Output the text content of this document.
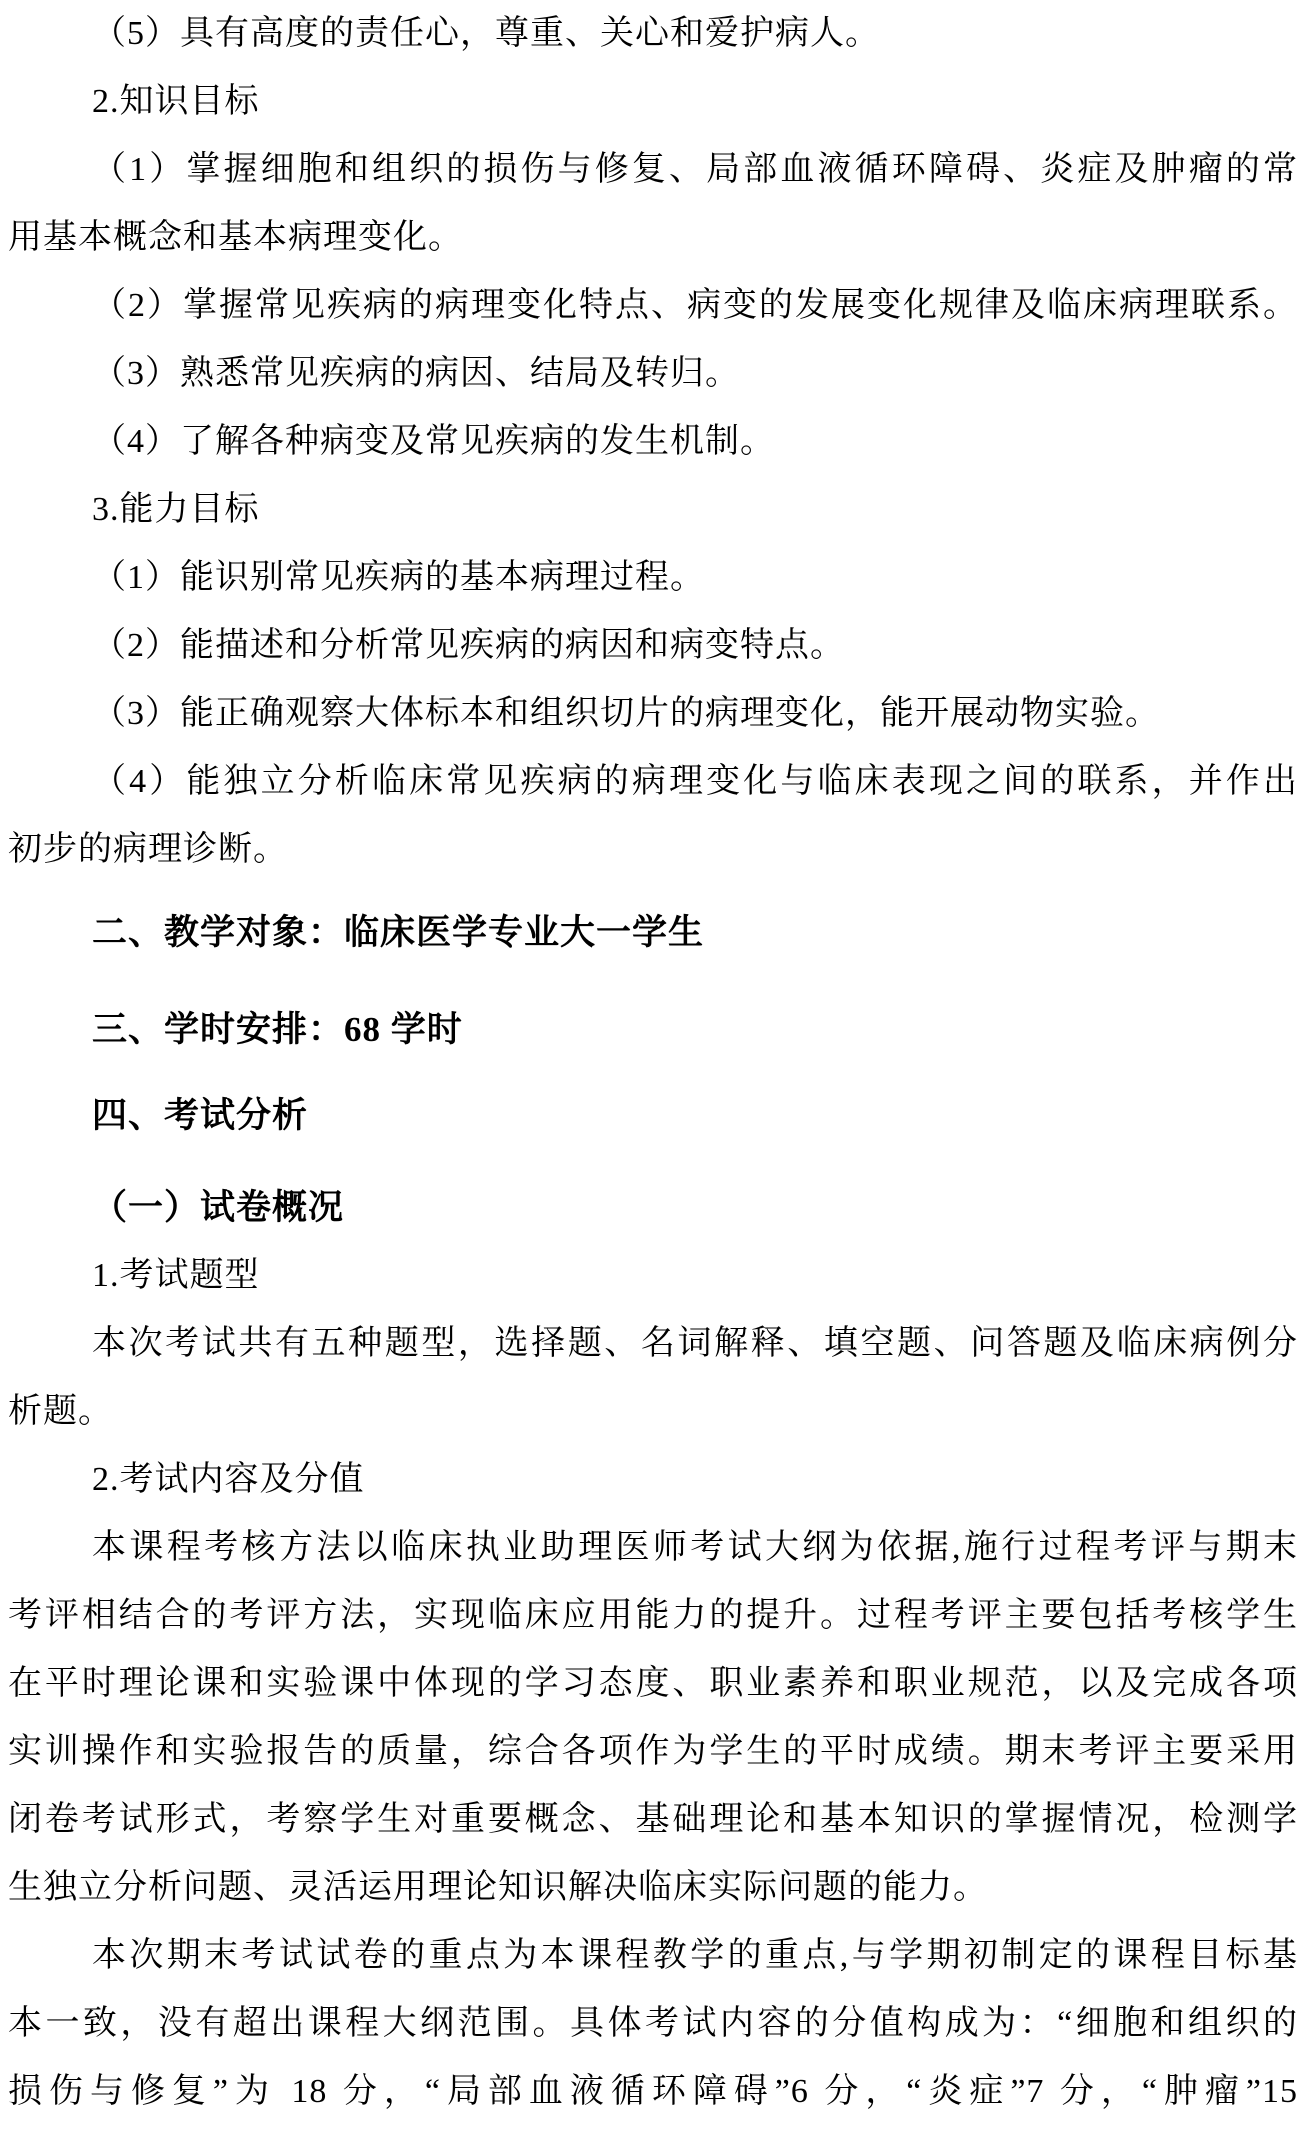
（5）具有高度的责任心，尊重、关心和爱护病人。
2.知识目标
（1）掌握细胞和组织的损伤与修复、局部血液循环障碍、炎症及肿瘤的常
用基本概念和基本病理变化。
（2）掌握常见疾病的病理变化特点、病变的发展变化规律及临床病理联系。
（3）熟悉常见疾病的病因、结局及转归。
（4）了解各种病变及常见疾病的发生机制。
3.能力目标
（1）能识别常见疾病的基本病理过程。
（2）能描述和分析常见疾病的病因和病变特点。
（3）能正确观察大体标本和组织切片的病理变化，能开展动物实验。
（4）能独立分析临床常见疾病的病理变化与临床表现之间的联系，并作出
初步的病理诊断。
二、教学对象：临床医学专业大一学生
三、学时安排：68 学时
四、考试分析
（一）试卷概况
1.考试题型
本次考试共有五种题型，选择题、名词解释、填空题、问答题及临床病例分
析题。
2.考试内容及分值
本课程考核方法以临床执业助理医师考试大纲为依据,施行过程考评与期末
考评相结合的考评方法，实现临床应用能力的提升。过程考评主要包括考核学生
在平时理论课和实验课中体现的学习态度、职业素养和职业规范，以及完成各项
实训操作和实验报告的质量，综合各项作为学生的平时成绩。期末考评主要采用
闭卷考试形式，考察学生对重要概念、基础理论和基本知识的掌握情况，检测学
生独立分析问题、灵活运用理论知识解决临床实际问题的能力。
本次期末考试试卷的重点为本课程教学的重点,与学期初制定的课程目标基
本一致，没有超出课程大纲范围。具体考试内容的分值构成为：“细胞和组织的
损伤与修复”为 18 分，“局部血液循环障碍”6 分，“炎症”7 分，“肿瘤”15
